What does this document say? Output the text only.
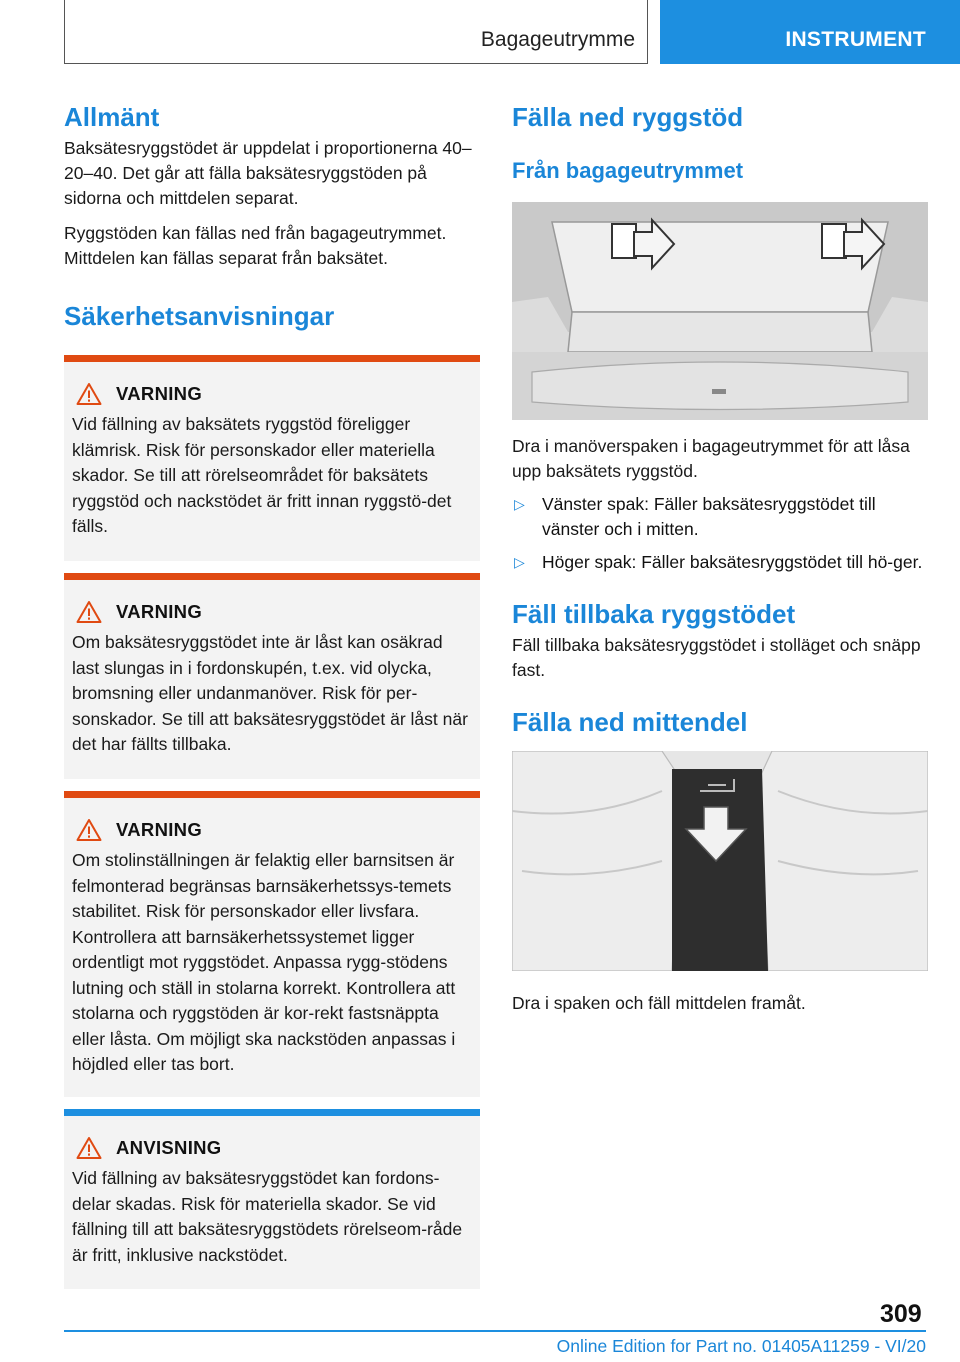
Bagageutrymme	INSTRUMENT
Allmänt

Baksätesryggstödet är uppdelat i proportionerna 40–20–40. Det går att fälla baksätesryggstöden på sidorna och mittdelen separat.

Ryggstöden kan fällas ned från bagageutrymmet. Mittdelen kan fällas separat från baksätet.

Säkerhetsanvisningar
VARNING

Vid fällning av baksätets ryggstöd föreligger klämrisk. Risk för personskador eller materiella skador. Se till att rörelseområdet för baksätets ryggstöd och nackstödet är fritt innan ryggstö-det fälls.

VARNING

Om baksätesryggstödet inte är låst kan osäkrad last slungas in i fordonskupén, t.ex. vid olycka, bromsning eller undanmanöver. Risk för per-sonskador. Se till att baksätesryggstödet är låst när det har fällts tillbaka.

VARNING

Om stolinställningen är felaktig eller barnsitsen är felmonterad begränsas barnsäkerhetssys-temets stabilitet. Risk för personskador eller livsfara. Kontrollera att barnsäkerhetssystemet ligger ordentligt mot ryggstödet. Anpassa rygg-stödens lutning och ställ in stolarna korrekt. Kontrollera att stolarna och ryggstöden är kor-rekt fastsnäppta eller låsta. Om möjligt ska nackstöden anpassas i höjdled eller tas bort.

ANVISNING

Vid fällning av baksätesryggstödet kan fordons-delar skadas. Risk för materiella skador. Se vid fällning till att baksätesryggstödets rörelseom-råde är fritt, inklusive nackstödet.

Fälla ned ryggstöd
Från bagageutrymmet

Dra i manöverspaken i bagageutrymmet för att låsa upp baksätets ryggstöd.

▷ Vänster spak: Fäller baksätesryggstödet till vänster och i mitten.
▷ Höger spak: Fäller baksätesryggstödet till hö-ger.
Fäll tillbaka ryggstödet

Fäll tillbaka baksätesryggstödet i stolläget och snäpp fast.

Fälla ned mittendel

Dra i spaken och fäll mittdelen framåt.

309
Online Edition for Part no. 01405A11259 - VI/20
